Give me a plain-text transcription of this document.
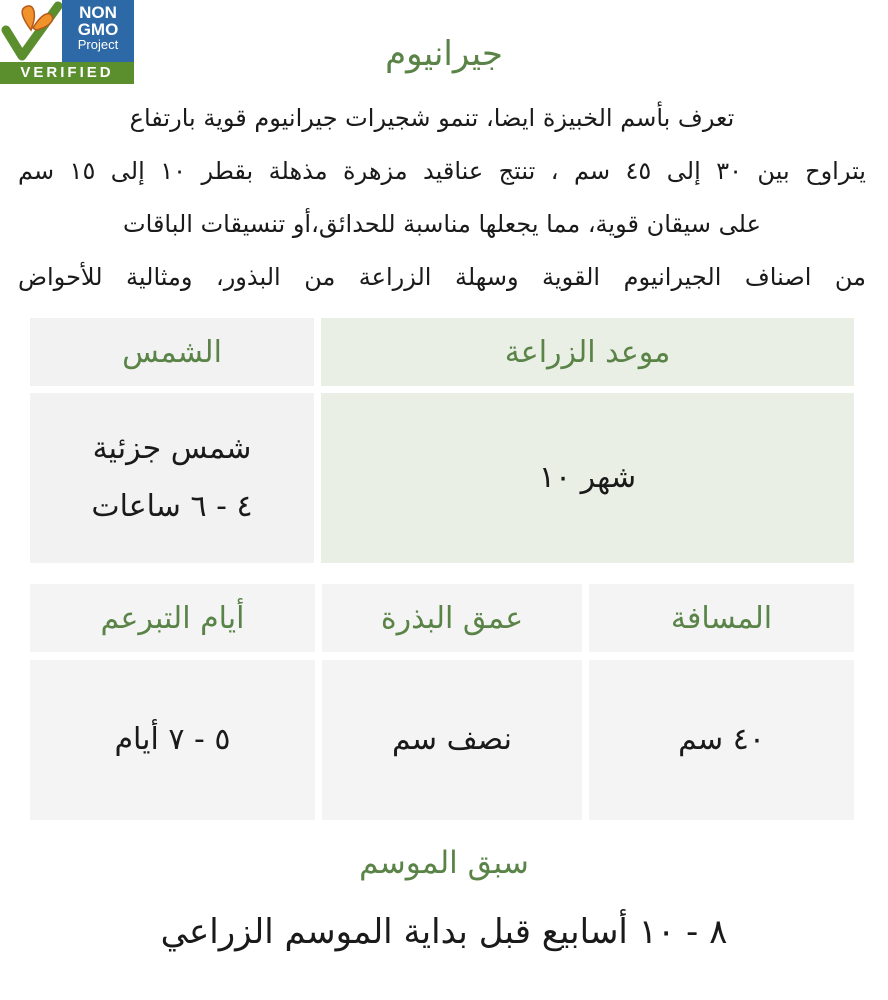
NON
GMO
Project
VERIFIED	جيرانيوم
تعرف بأسم الخبيزة ايضا، تنمو شجيرات جيرانيوم قوية بارتفاع
يتراوح بين ٣٠ إلى ٤٥ سم ، تنتج عناقيد مزهرة مذهلة بقطر ١٠ إلى ١٥ سم
على سيقان قوية، مما يجعلها مناسبة للحدائق،أو تنسيقات الباقات
من اصناف الجيرانيوم القوية وسهلة الزراعة من البذور، ومثالية للأحواض
موعد الزراعة
الشمس
شهر ١٠
شمس جزئية
٤ - ٦ ساعات
المسافة
عمق البذرة
أيام التبرعم
٤٠ سم
نصف سم
٥ - ٧ أيام
سبق الموسم
٨ - ١٠ أسابيع قبل بداية الموسم الزراعي
